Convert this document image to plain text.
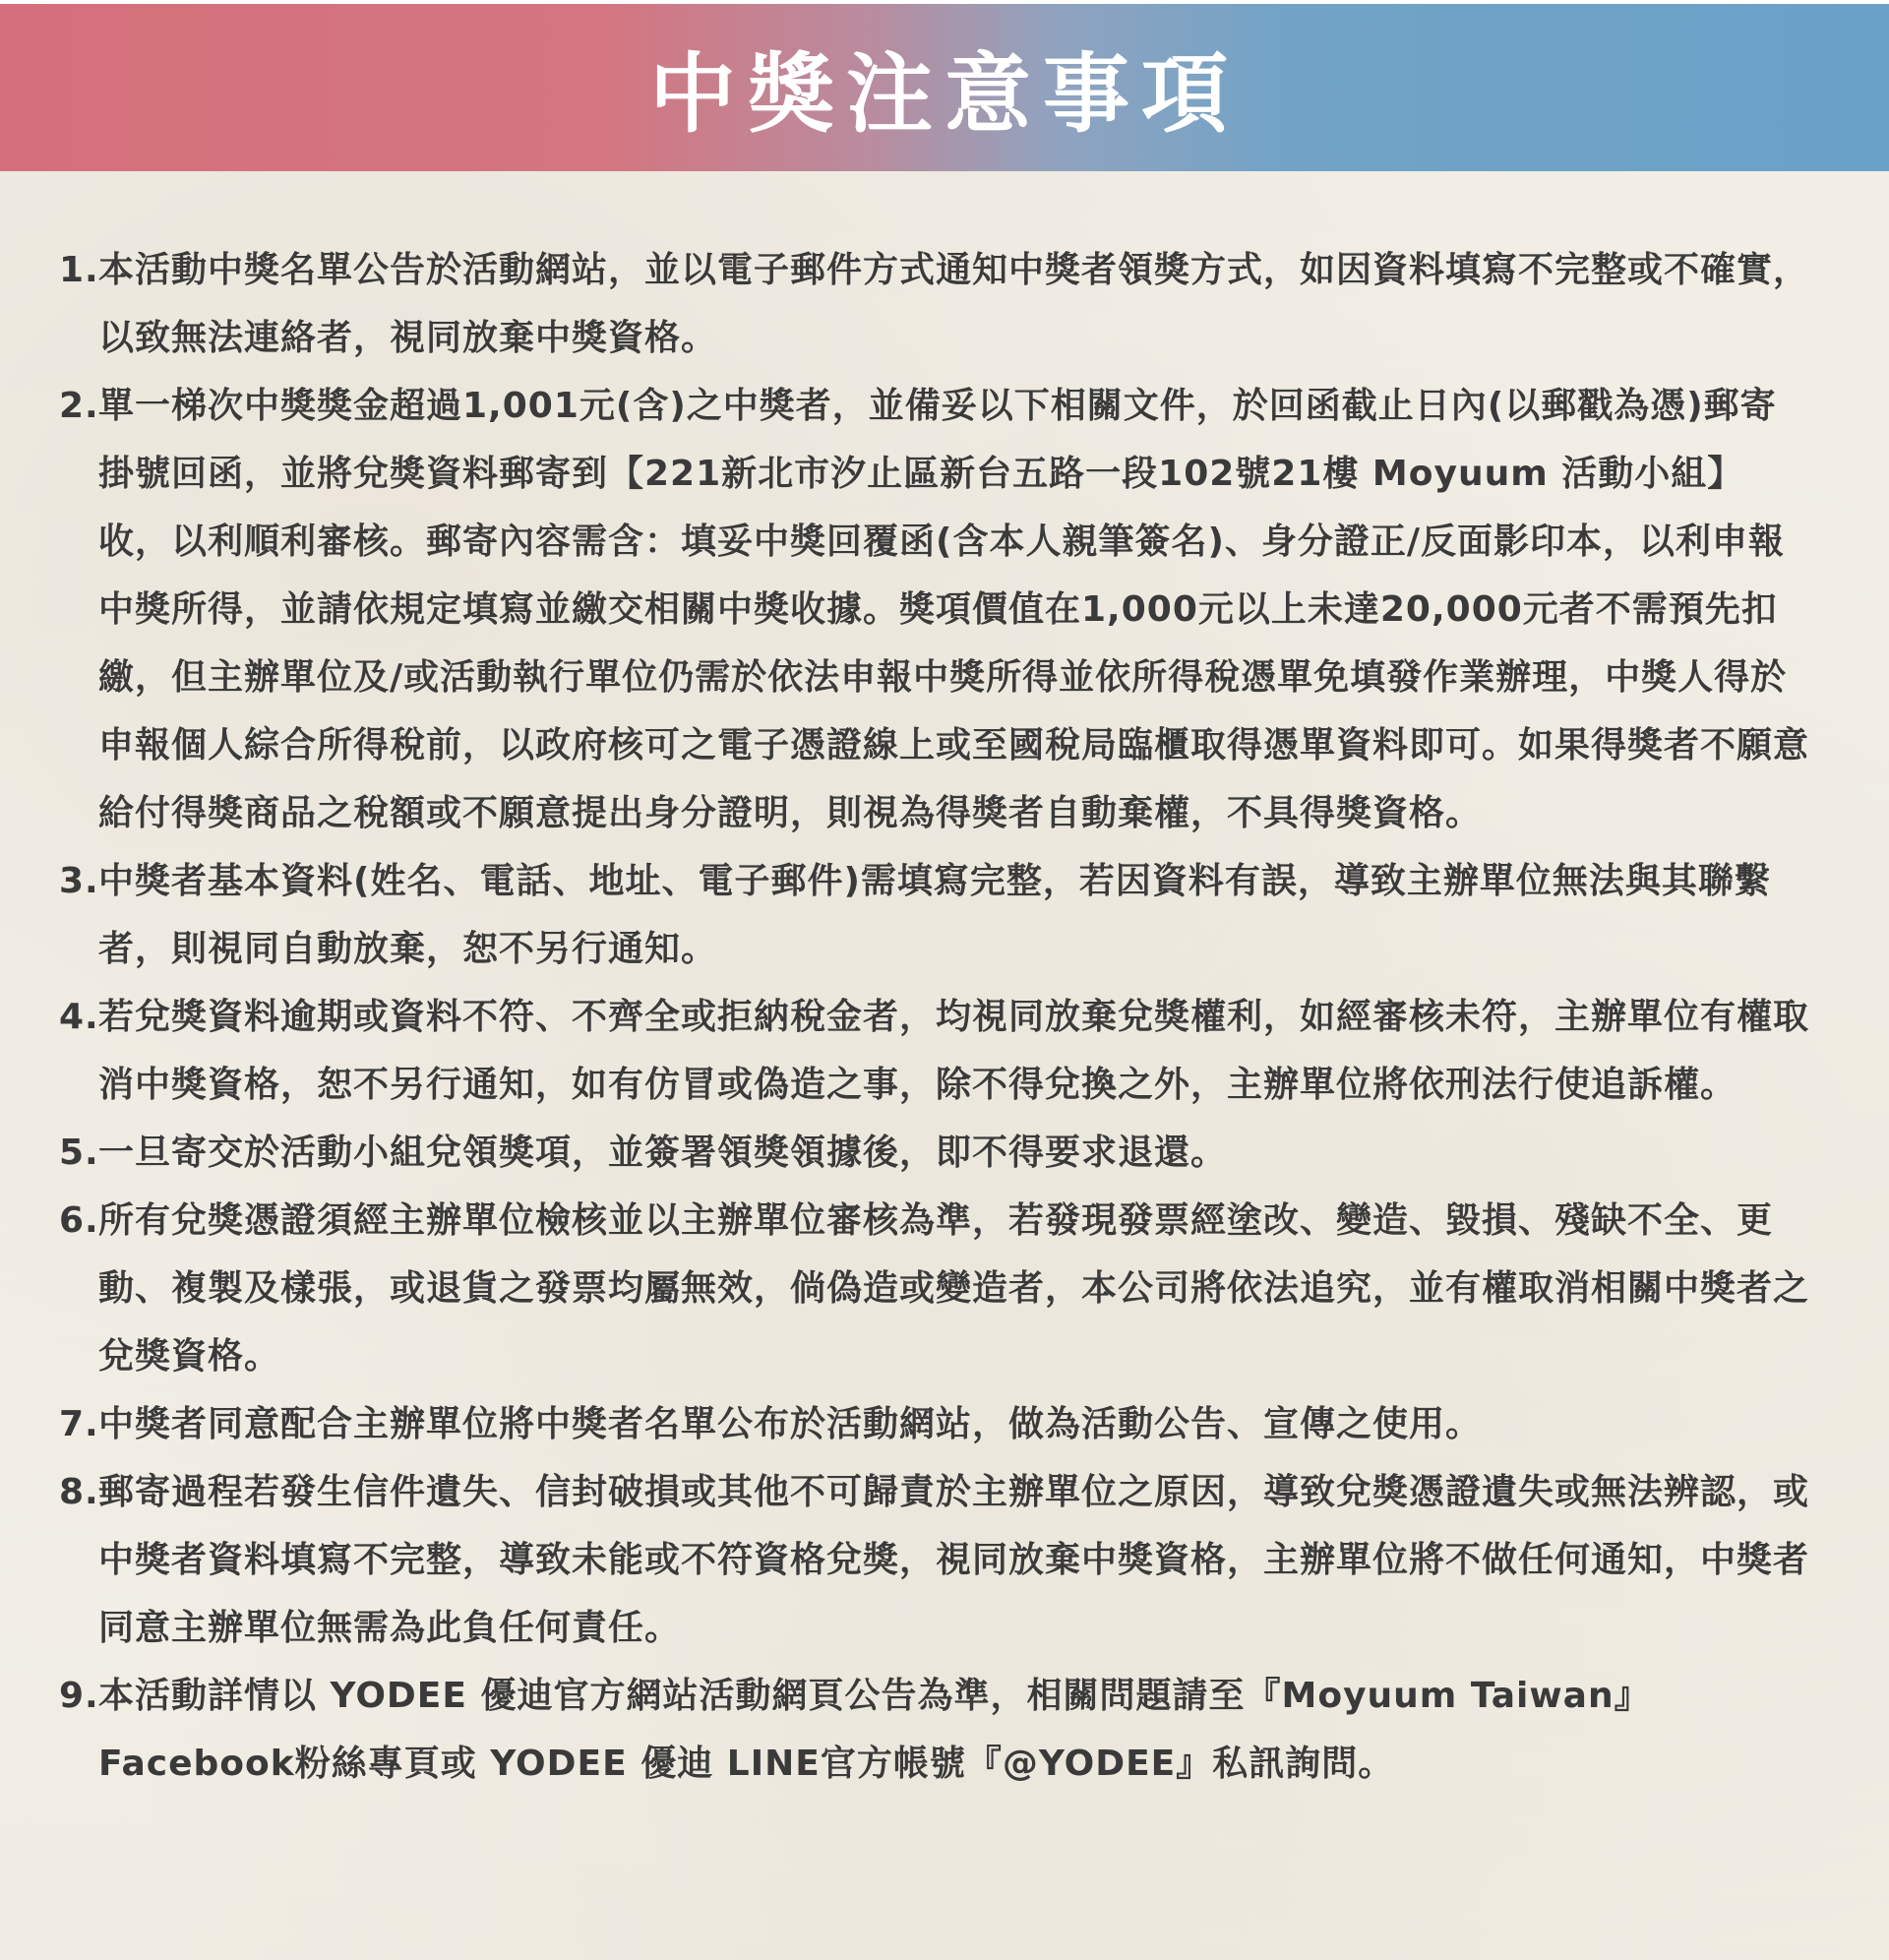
中獎注意事項
1. 本活動中獎名單公告於活動網站，並以電子郵件方式通知中獎者領獎方式，如因資料填寫不完整或不確實，以致無法連絡者，視同放棄中獎資格。

2. 單一梯次中獎獎金超過1,001元(含)之中獎者，並備妥以下相關文件，於回函截止日內(以郵戳為憑)郵寄掛號回函，並將兌獎資料郵寄到【221新北市汐止區新台五路一段102號21樓 Moyuum 活動小組】收，以利順利審核。郵寄內容需含：填妥中獎回覆函(含本人親筆簽名)、身分證正/反面影印本，以利申報中獎所得，並請依規定填寫並繳交相關中獎收據。獎項價值在1,000元以上未達20,000元者不需預先扣繳，但主辦單位及/或活動執行單位仍需於依法申報中獎所得並依所得稅憑單免填發作業辦理，中獎人得於申報個人綜合所得稅前，以政府核可之電子憑證線上或至國稅局臨櫃取得憑單資料即可。如果得獎者不願意給付得獎商品之稅額或不願意提出身分證明，則視為得獎者自動棄權，不具得獎資格。

3. 中獎者基本資料(姓名、電話、地址、電子郵件)需填寫完整，若因資料有誤，導致主辦單位無法與其聯繫者，則視同自動放棄，恕不另行通知。

4. 若兌獎資料逾期或資料不符、不齊全或拒納稅金者，均視同放棄兌獎權利，如經審核未符，主辦單位有權取消中獎資格，恕不另行通知，如有仿冒或偽造之事，除不得兌換之外，主辦單位將依刑法行使追訴權。

5. 一旦寄交於活動小組兌領獎項，並簽署領獎領據後，即不得要求退還。

6. 所有兌獎憑證須經主辦單位檢核並以主辦單位審核為準，若發現發票經塗改、變造、毀損、殘缺不全、更動、複製及樣張，或退貨之發票均屬無效，倘偽造或變造者，本公司將依法追究，並有權取消相關中獎者之兌獎資格。

7. 中獎者同意配合主辦單位將中獎者名單公布於活動網站，做為活動公告、宣傳之使用。

8. 郵寄過程若發生信件遺失、信封破損或其他不可歸責於主辦單位之原因，導致兌獎憑證遺失或無法辨認，或中獎者資料填寫不完整，導致未能或不符資格兌獎，視同放棄中獎資格，主辦單位將不做任何通知，中獎者同意主辦單位無需為此負任何責任。

9. 本活動詳情以 YODEE 優迪官方網站活動網頁公告為準，相關問題請至『Moyuum Taiwan』Facebook粉絲專頁或 YODEE 優迪 LINE官方帳號『@YODEE』私訊詢問。
